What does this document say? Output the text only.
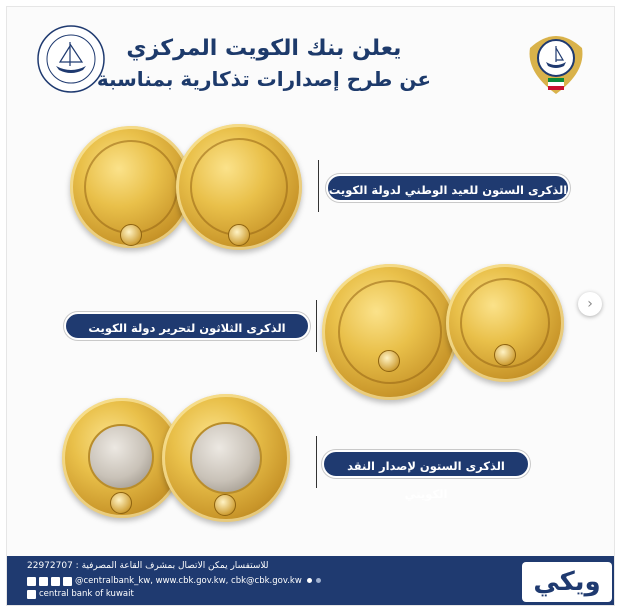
يعلن بنك الكويت المركزي
عن طرح إصدارات تذكارية بمناسبة
الذكرى الستون للعيد الوطني لدولة الكويت
الذكرى الثلاثون لتحرير دولة الكويت
›
الذكرى الستون لإصدار النقد الكويتي
للاستفسار يمكن الاتصال بمشرف القاعة المصرفية : 22972707
@centralbank_kw, www.cbk.gov.kw, cbk@cbk.gov.kw
central bank of kuwait	ويكي
